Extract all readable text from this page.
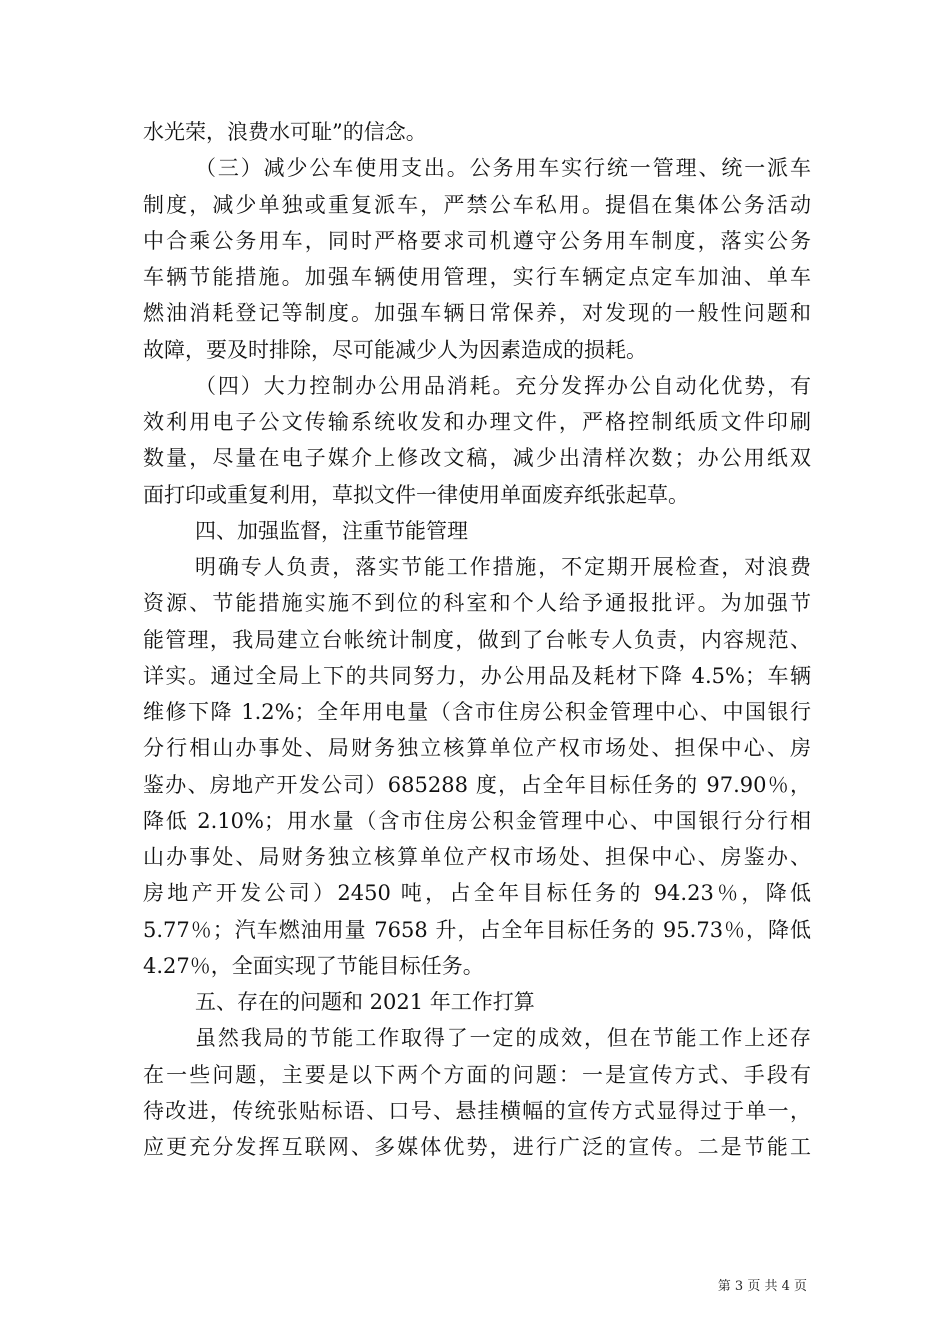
水光荣，浪费水可耻”的信念。
（三）减少公车使用支出。公务用车实行统一管理、统一派车
制度，减少单独或重复派车，严禁公车私用。提倡在集体公务活动
中合乘公务用车，同时严格要求司机遵守公务用车制度，落实公务
车辆节能措施。加强车辆使用管理，实行车辆定点定车加油、单车
燃油消耗登记等制度。加强车辆日常保养，对发现的一般性问题和
故障，要及时排除，尽可能减少人为因素造成的损耗。
（四）大力控制办公用品消耗。充分发挥办公自动化优势，有
效利用电子公文传输系统收发和办理文件，严格控制纸质文件印刷
数量，尽量在电子媒介上修改文稿，减少出清样次数；办公用纸双
面打印或重复利用，草拟文件一律使用单面废弃纸张起草。
四、加强监督，注重节能管理
明确专人负责，落实节能工作措施，不定期开展检查，对浪费
资源、节能措施实施不到位的科室和个人给予通报批评。为加强节
能管理，我局建立台帐统计制度，做到了台帐专人负责，内容规范、
详实。通过全局上下的共同努力，办公用品及耗材下降 4.5%；车辆
维修下降 1.2%；全年用电量（含市住房公积金管理中心、中国银行
分行相山办事处、局财务独立核算单位产权市场处、担保中心、房
鉴办、房地产开发公司）685288 度，占全年目标任务的 97.90％，
降低 2.10%；用水量（含市住房公积金管理中心、中国银行分行相
山办事处、局财务独立核算单位产权市场处、担保中心、房鉴办、
房地产开发公司）2450 吨，占全年目标任务的 94.23％，降低
5.77％；汽车燃油用量 7658 升，占全年目标任务的 95.73％，降低
4.27％，全面实现了节能目标任务。
五、存在的问题和 2021 年工作打算
虽然我局的节能工作取得了一定的成效，但在节能工作上还存
在一些问题，主要是以下两个方面的问题：一是宣传方式、手段有
待改进，传统张贴标语、口号、悬挂横幅的宣传方式显得过于单一，
应更充分发挥互联网、多媒体优势，进行广泛的宣传。二是节能工
第 3 页 共 4 页
